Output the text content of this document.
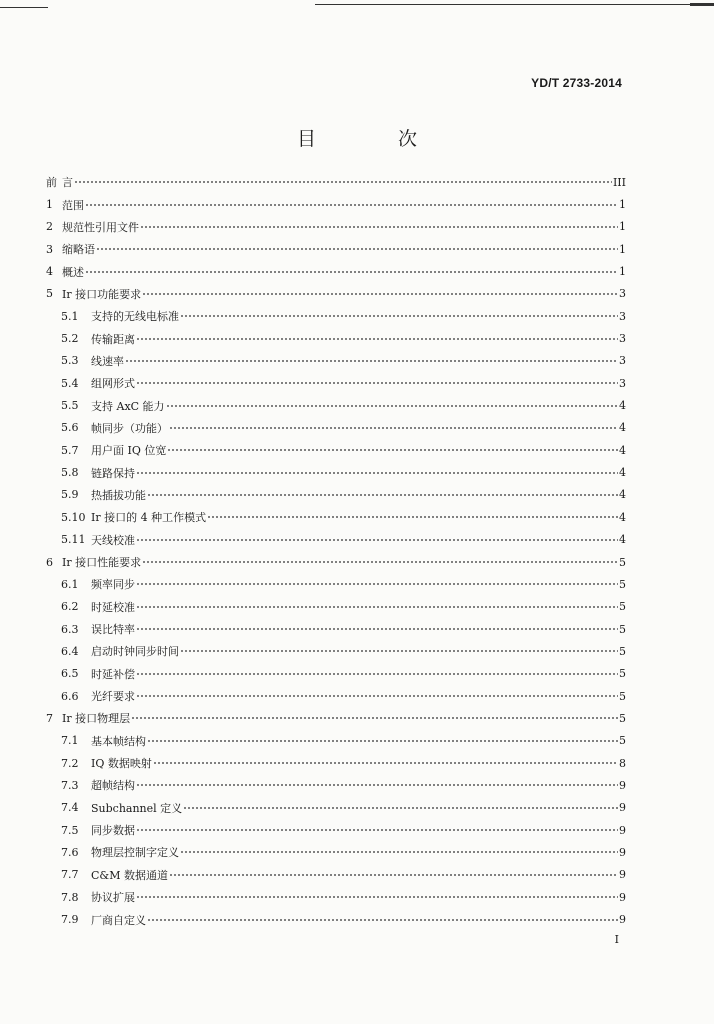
YD/T 2733-2014
目 次
前 言	III
1 范围	1
2 规范性引用文件	1
3 缩略语	1
4 概述	1
5 Ir 接口功能要求	3
5.1	支持的无线电标准	3
5.2	传输距离	3
5.3	线速率	3
5.4	组网形式	3
5.5	支持 AxC 能力	4
5.6	帧同步（功能）	4
5.7	用户面 IQ 位宽	4
5.8	链路保持	4
5.9	热插拔功能	4
5.10 Ir 接口的 4 种工作模式	4
5.11 天线校准	4
6 Ir 接口性能要求	5
6.1	频率同步	5
6.2	时延校准	5
6.3	误比特率	5
6.4	启动时钟同步时间	5
6.5	时延补偿	5
6.6	光纤要求	5
7 Ir 接口物理层	5
7.1	基本帧结构	5
7.2	IQ 数据映射	8
7.3	超帧结构	9
7.4	Subchannel 定义	9
7.5	同步数据	9
7.6	物理层控制字定义	9
7.7	C&M 数据通道	9
7.8	协议扩展	9
7.9	厂商自定义	9
I
